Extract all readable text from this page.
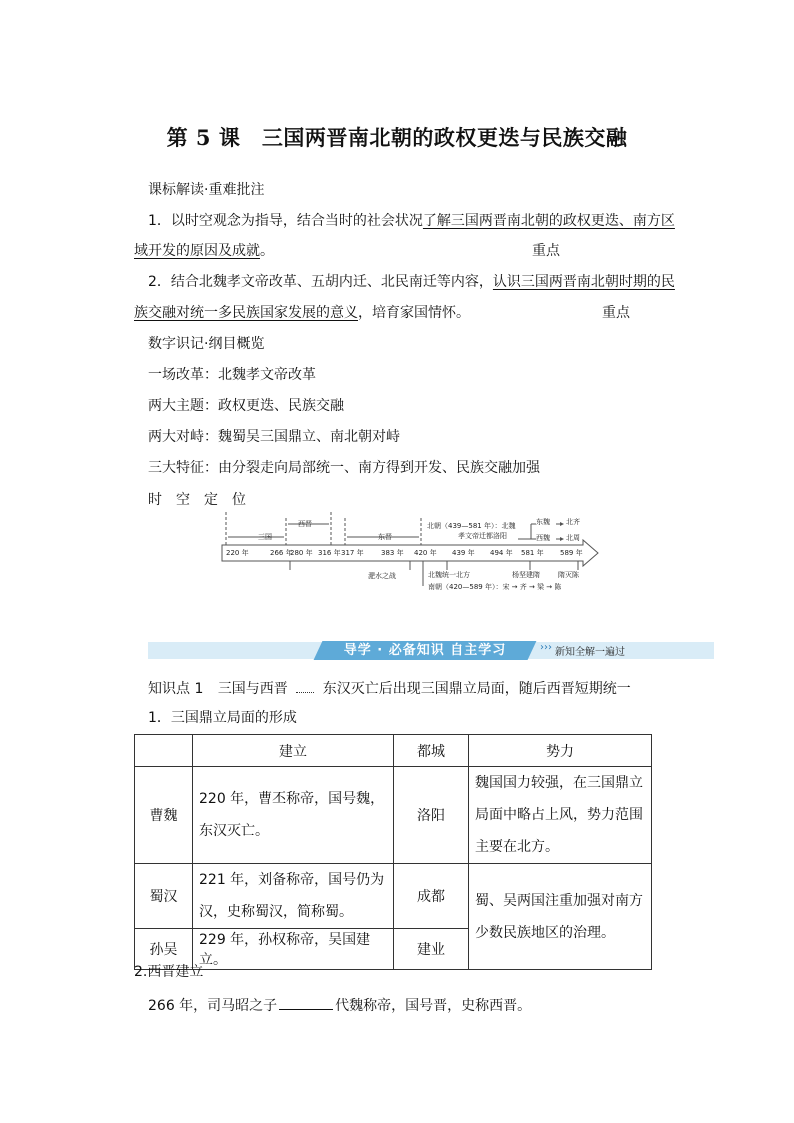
第 5 课　三国两晋南北朝的政权更迭与民族交融
课标解读·重难批注
1．以时空观念为指导，结合当时的社会状况了解三国两晋南北朝的政权更迭、南方区
域开发的原因及成就。	重点
2．结合北魏孝文帝改革、五胡内迁、北民南迁等内容，认识三国两晋南北朝时期的民
族交融对统一多民族国家发展的意义，培育家国情怀。	重点
数字识记·纲目概览
一场改革：北魏孝文帝改革
两大主题：政权更迭、民族交融
两大对峙：魏蜀吴三国鼎立、南北朝对峙
三大特征：由分裂走向局部统一、南方得到开发、民族交融加强
时　空　定　位
三国
西晋
东晋
北朝（439—581 年）：北魏	东魏 北齐
西魏 北周
孝文帝迁都洛阳
220 年	266 年
280 年 316 年 317 年 383 年 420 年 439 年 494 年 581 年 589 年
淝水之战	北魏统一北方	杨坚建隋	隋灭陈
南朝（420—589 年）：宋 → 齐 → 梁 → 陈
导学 · 必备知识 自主学习	››› 新知全解一遍过
知识点 1 三国与西晋 东汉灭亡后出现三国鼎立局面，随后西晋短期统一
1．三国鼎立局面的形成
	建立	都城	势力
曹魏	220 年，曹丕称帝，国号魏，东汉灭亡。	洛阳	魏国国力较强，在三国鼎立局面中略占上风，势力范围主要在北方。
蜀汉	221 年，刘备称帝，国号仍为汉，史称蜀汉，简称蜀。	成都	蜀、吴两国注重加强对南方少数民族地区的治理。
孙吴	229 年，孙权称帝，吴国建立。	建业	
2.西晋建立
266 年，司马昭之子	代魏称帝，国号晋，史称西晋。
